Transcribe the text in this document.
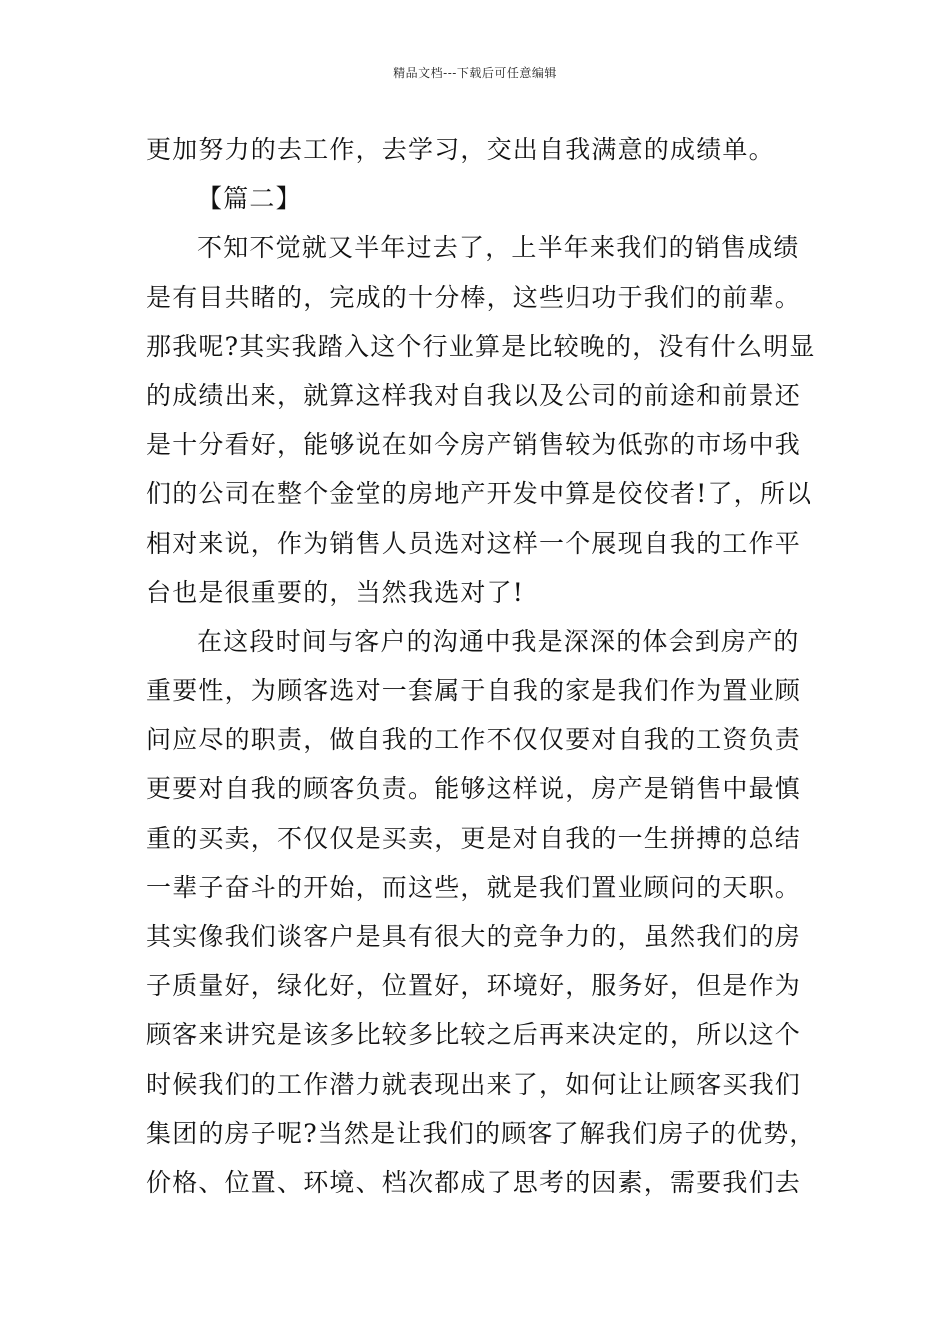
精品文档---下载后可任意编辑
更加努力的去工作，去学习，交出自我满意的成绩单。
【篇二】
不知不觉就又半年过去了，上半年来我们的销售成绩
是有目共睹的，完成的十分棒，这些归功于我们的前辈。
那我呢?其实我踏入这个行业算是比较晚的，没有什么明显
的成绩出来，就算这样我对自我以及公司的前途和前景还
是十分看好，能够说在如今房产销售较为低弥的市场中我
们的公司在整个金堂的房地产开发中算是佼佼者!了，所以
相对来说，作为销售人员选对这样一个展现自我的工作平
台也是很重要的，当然我选对了!
在这段时间与客户的沟通中我是深深的体会到房产的
重要性，为顾客选对一套属于自我的家是我们作为置业顾
问应尽的职责，做自我的工作不仅仅要对自我的工资负责
更要对自我的顾客负责。能够这样说，房产是销售中最慎
重的买卖，不仅仅是买卖，更是对自我的一生拼搏的总结
一辈子奋斗的开始，而这些，就是我们置业顾问的天职。
其实像我们谈客户是具有很大的竞争力的，虽然我们的房
子质量好，绿化好，位置好，环境好，服务好，但是作为
顾客来讲究是该多比较多比较之后再来决定的，所以这个
时候我们的工作潜力就表现出来了，如何让让顾客买我们
集团的房子呢?当然是让我们的顾客了解我们房子的优势，
价格、位置、环境、档次都成了思考的因素，需要我们去
